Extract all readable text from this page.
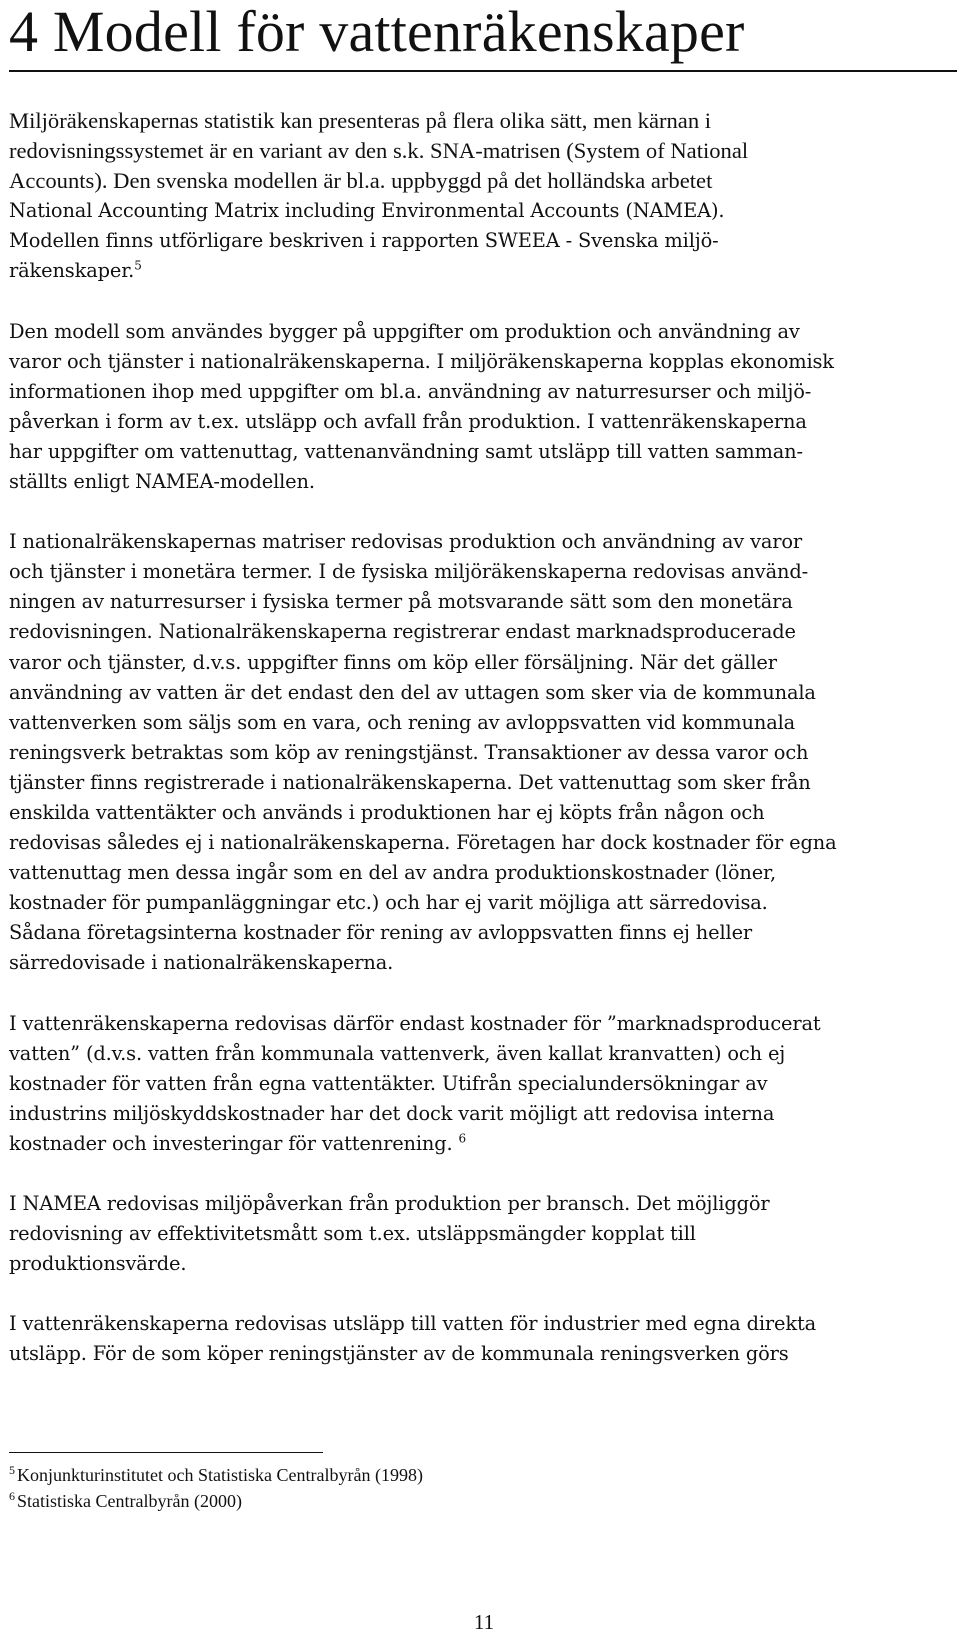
4 Modell för vattenräkenskaper

Miljöräkenskapernas statistik kan presenteras på flera olika sätt, men kärnan i
redovisningssystemet är en variant av den s.k. SNA-matrisen (System of National
Accounts). Den svenska modellen är bl.a. uppbyggd på det holländska arbetet
National Accounting Matrix including Environmental Accounts (NAMEA).
Modellen finns utförligare beskriven i rapporten SWEEA - Svenska miljö-
räkenskaper.$^5$

Den modell som användes bygger på uppgifter om produktion och användning av
varor och tjänster i nationalräkenskaperna. I miljöräkenskaperna kopplas ekonomisk
informationen ihop med uppgifter om bl.a. användning av naturresurser och miljö-
påverkan i form av t.ex. utsläpp och avfall från produktion. I vattenräkenskaperna
har uppgifter om vattenuttag, vattenanvändning samt utsläpp till vatten samman-
ställts enligt NAMEA-modellen.

I nationalräkenskapernas matriser redovisas produktion och användning av varor
och tjänster i monetära termer. I de fysiska miljöräkenskaperna redovisas använd-
ningen av naturresurser i fysiska termer på motsvarande sätt som den monetära
redovisningen. Nationalräkenskaperna registrerar endast marknadsproducerade
varor och tjänster, d.v.s. uppgifter finns om köp eller försäljning. När det gäller
användning av vatten är det endast den del av uttagen som sker via de kommunala
vattenverken som säljs som en vara, och rening av avloppsvatten vid kommunala
reningsverk betraktas som köp av reningstjänst. Transaktioner av dessa varor och
tjänster finns registrerade i nationalräkenskaperna. Det vattenuttag som sker från
enskilda vattentäkter och används i produktionen har ej köpts från någon och
redovisas således ej i nationalräkenskaperna. Företagen har dock kostnader för egna
vattenuttag men dessa ingår som en del av andra produktionskostnader (löner,
kostnader för pumpanläggningar etc.) och har ej varit möjliga att särredovisa.
Sådana företagsinterna kostnader för rening av avloppsvatten finns ej heller
särredovisade i nationalräkenskaperna.

I vattenräkenskaperna redovisas därför endast kostnader för ”marknadsproducerat
vatten” (d.v.s. vatten från kommunala vattenverk, även kallat kranvatten) och ej
kostnader för vatten från egna vattentäkter. Utifrån specialundersökningar av
industrins miljöskyddskostnader har det dock varit möjligt att redovisa interna
kostnader och investeringar för vattenrening. $^6$

I NAMEA redovisas miljöpåverkan från produktion per bransch. Det möjliggör
redovisning av effektivitetsmått som t.ex. utsläppsmängder kopplat till
produktionsvärde.

I vattenräkenskaperna redovisas utsläpp till vatten för industrier med egna direkta
utsläpp. För de som köper reningstjänster av de kommunala reningsverken görs

$^5$ Konjunkturinstitutet och Statistiska Centralbyrån (1998)
$^6$ Statistiska Centralbyrån (2000)
11
